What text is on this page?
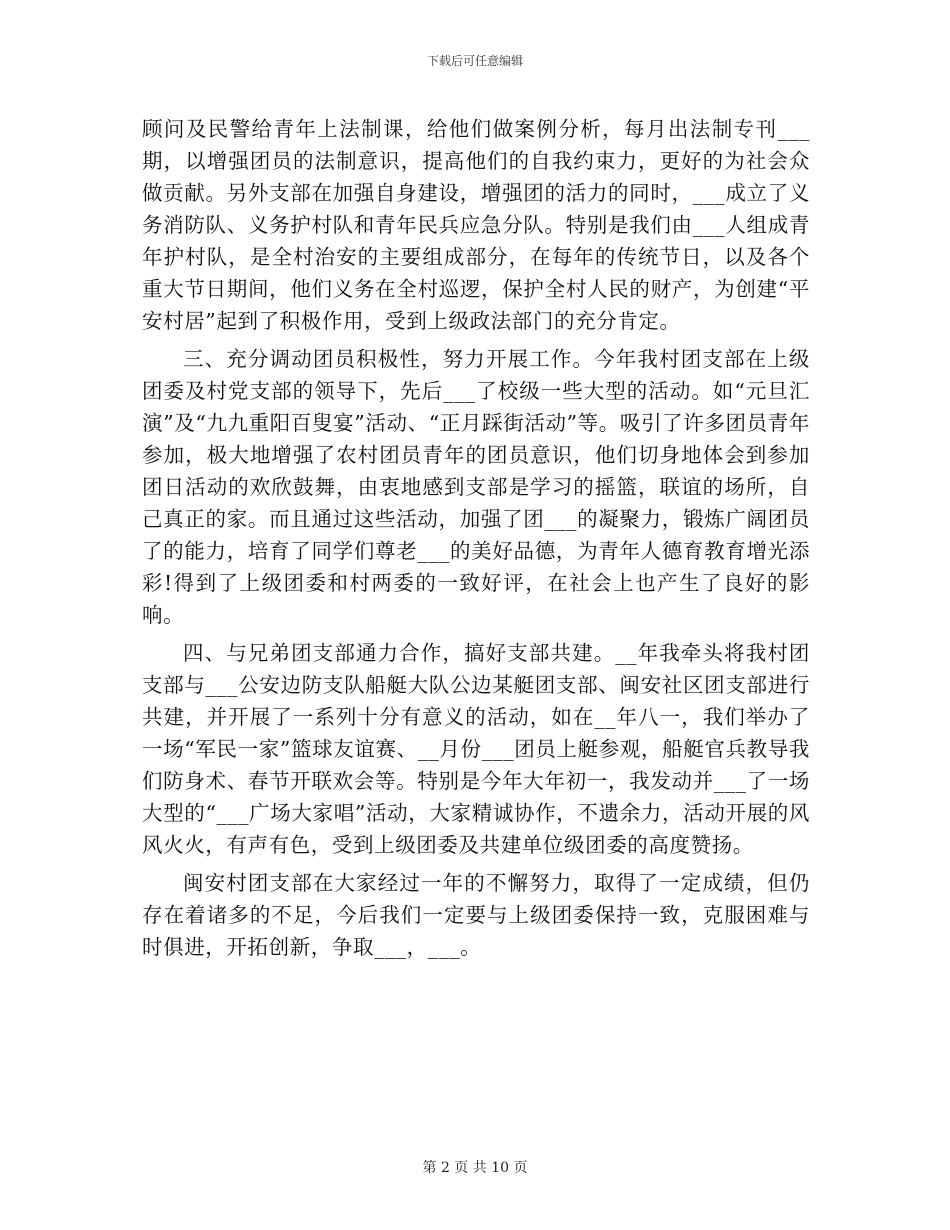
下载后可任意编辑

顾问及民警给青年上法制课，给他们做案例分析，每月出法制专刊___期，以增强团员的法制意识，提高他们的自我约束力，更好的为社会众做贡献。另外支部在加强自身建设，增强团的活力的同时，___成立了义务消防队、义务护村队和青年民兵应急分队。特别是我们由___人组成青年护村队，是全村治安的主要组成部分，在每年的传统节日，以及各个重大节日期间，他们义务在全村巡逻，保护全村人民的财产，为创建“平安村居”起到了积极作用，受到上级政法部门的充分肯定。

三、充分调动团员积极性，努力开展工作。今年我村团支部在上级团委及村党支部的领导下，先后___了校级一些大型的活动。如“元旦汇演”及“九九重阳百叟宴”活动、“正月踩街活动”等。吸引了许多团员青年参加，极大地增强了农村团员青年的团员意识，他们切身地体会到参加团日活动的欢欣鼓舞，由衷地感到支部是学习的摇篮，联谊的场所，自己真正的家。而且通过这些活动，加强了团___的凝聚力，锻炼广阔团员了的能力，培育了同学们尊老___的美好品德，为青年人德育教育增光添彩!得到了上级团委和村两委的一致好评，在社会上也产生了良好的影响。

四、与兄弟团支部通力合作，搞好支部共建。__年我牵头将我村团支部与___公安边防支队船艇大队公边某艇团支部、闽安社区团支部进行共建，并开展了一系列十分有意义的活动，如在__年八一，我们举办了一场“军民一家”篮球友谊赛、__月份___团员上艇参观，船艇官兵教导我们防身术、春节开联欢会等。特别是今年大年初一，我发动并___了一场大型的“___广场大家唱”活动，大家精诚协作，不遗余力，活动开展的风风火火，有声有色，受到上级团委及共建单位级团委的高度赞扬。

闽安村团支部在大家经过一年的不懈努力，取得了一定成绩，但仍存在着诸多的不足，今后我们一定要与上级团委保持一致，克服困难与时俱进，开拓创新，争取___，___。

第 2 页 共 10 页
